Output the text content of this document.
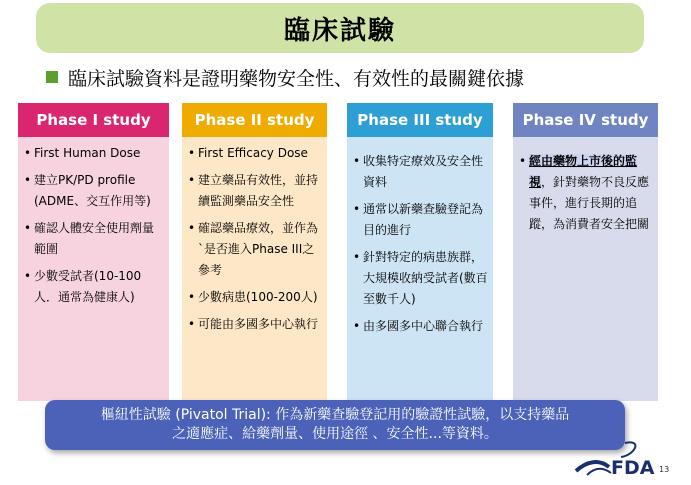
臨床試驗
臨床試驗資料是證明藥物安全性、有效性的最關鍵依據
Phase I study
• First Human Dose
• 建立PK/PD profile (ADME、交互作用等)
• 確認人體安全使用劑量範圍
• 少數受試者(10-100人．通常為健康人)
Phase II study
• First Efficacy Dose
• 建立藥品有效性，並持續監測藥品安全性
• 確認藥品療效，並作為`是否進入Phase III之參考
• 少數病患(100-200人)
• 可能由多國多中心執行
Phase III study
• 收集特定療效及安全性資料
• 通常以新藥查驗登記為目的進行
• 針對特定的病患族群，大規模收納受試者(數百至數千人)
• 由多國多中心聯合執行
Phase IV study
• 經由藥物上市後的監視，針對藥物不良反應事件，進行長期的追蹤，為消費者安全把關
樞紐性試驗 (Pivatol Trial): 作為新藥查驗登記用的驗證性試驗，以支持藥品
之適應症、給藥劑量、使用途徑 、安全性...等資料。
FDA 13
